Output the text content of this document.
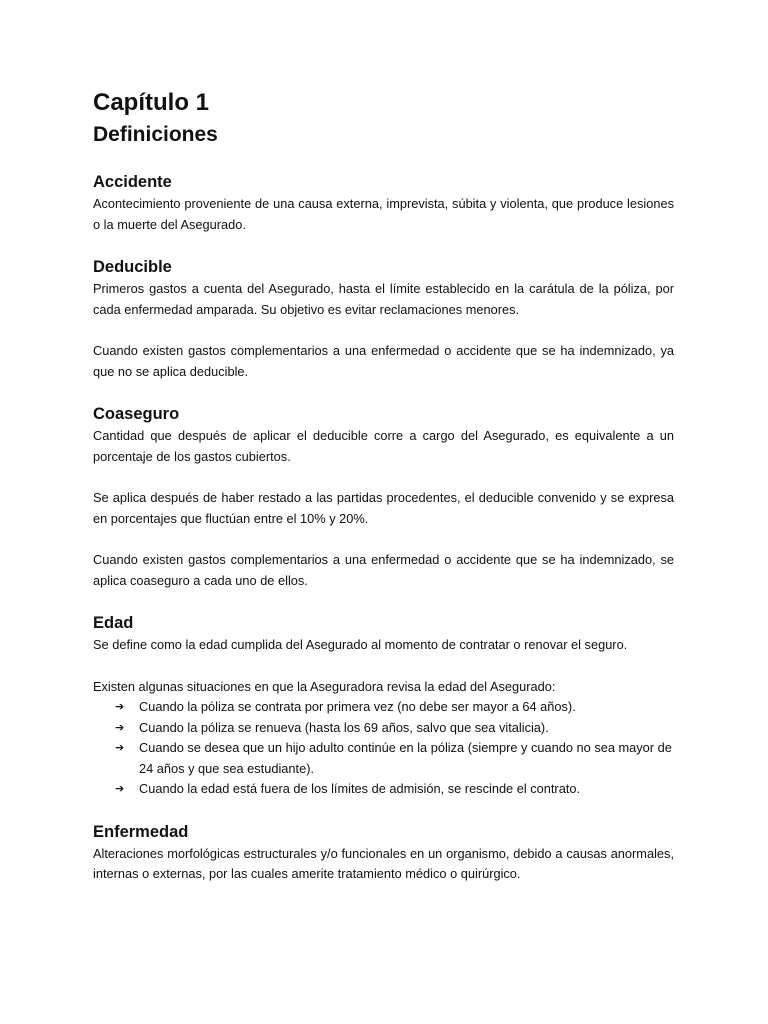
Capítulo 1
Definiciones
Accidente

Acontecimiento proveniente de una causa externa, imprevista, súbita y violenta, que produce lesiones o la muerte del Asegurado.

Deducible

Primeros gastos a cuenta del Asegurado, hasta el límite establecido en la carátula de la póliza, por cada enfermedad amparada. Su objetivo es evitar reclamaciones menores.

Cuando existen gastos complementarios a una enfermedad o accidente que se ha indemnizado, ya que no se aplica deducible.

Coaseguro

Cantidad que después de aplicar el deducible corre a cargo del Asegurado, es equivalente a un porcentaje de los gastos cubiertos.

Se aplica después de haber restado a las partidas procedentes, el deducible convenido y se expresa en porcentajes que fluctúan entre el 10% y 20%.

Cuando existen gastos complementarios a una enfermedad o accidente que se ha indemnizado, se aplica coaseguro a cada uno de ellos.

Edad

Se define como la edad cumplida del Asegurado al momento de contratar o renovar el seguro.

Existen algunas situaciones en que la Aseguradora revisa la edad del Asegurado:

➔ Cuando la póliza se contrata por primera vez (no debe ser mayor a 64 años).
➔ Cuando la póliza se renueva (hasta los 69 años, salvo que sea vitalicia).
➔ Cuando se desea que un hijo adulto continúe en la póliza (siempre y cuando no sea mayor de 24 años y que sea estudiante).
➔ Cuando la edad está fuera de los límites de admisión, se rescinde el contrato.
Enfermedad

Alteraciones morfológicas estructurales y/o funcionales en un organismo, debido a causas anormales, internas o externas, por las cuales amerite tratamiento médico o quirúrgico.
